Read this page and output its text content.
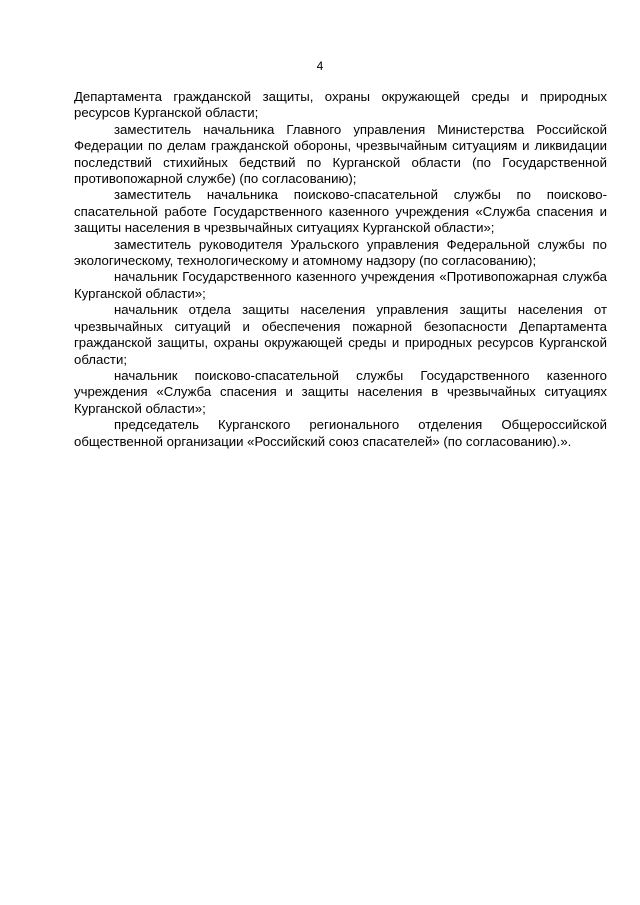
4

Департамента гражданской защиты, охраны окружающей среды и природных ресурсов Курганской области;

заместитель начальника Главного управления Министерства Российской Федерации по делам гражданской обороны, чрезвычайным ситуациям и ликвидации последствий стихийных бедствий по Курганской области (по Государственной противопожарной службе) (по согласованию);

заместитель начальника поисково-спасательной службы по поисково-спасательной работе Государственного казенного учреждения «Служба спасения и защиты населения в чрезвычайных ситуациях Курганской области»;

заместитель руководителя Уральского управления Федеральной службы по экологическому, технологическому и атомному надзору (по согласованию);

начальник Государственного казенного учреждения «Противопожарная служба Курганской области»;

начальник отдела защиты населения управления защиты населения от чрезвычайных ситуаций и обеспечения пожарной безопасности Департамента гражданской защиты, охраны окружающей среды и природных ресурсов Курганской области;

начальник поисково-спасательной службы Государственного казенного учреждения «Служба спасения и защиты населения в чрезвычайных ситуациях Курганской области»;

председатель Курганского регионального отделения Общероссийской общественной организации «Российский союз спасателей» (по согласованию).».
